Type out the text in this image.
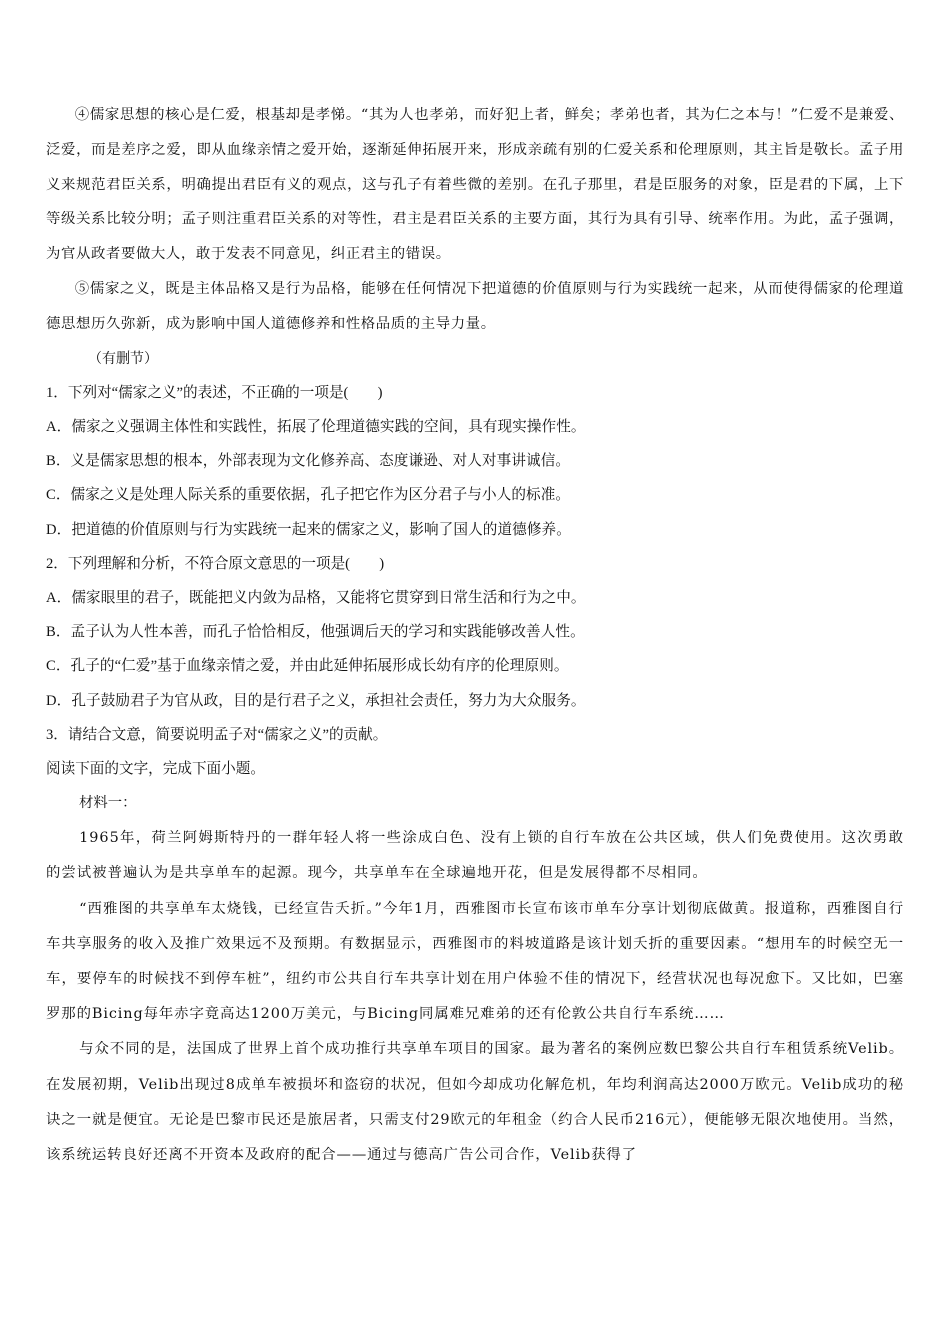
④儒家思想的核心是仁爱，根基却是孝悌。“其为人也孝弟，而好犯上者，鲜矣；孝弟也者，其为仁之本与！”仁爱不是兼爱、泛爱，而是差序之爱，即从血缘亲情之爱开始，逐渐延伸拓展开来，形成亲疏有别的仁爱关系和伦理原则，其主旨是敬长。孟子用义来规范君臣关系，明确提出君臣有义的观点，这与孔子有着些微的差别。在孔子那里，君是臣服务的对象，臣是君的下属，上下等级关系比较分明；孟子则注重君臣关系的对等性，君主是君臣关系的主要方面，其行为具有引导、统率作用。为此，孟子强调，为官从政者要做大人，敢于发表不同意见，纠正君主的错误。

⑤儒家之义，既是主体品格又是行为品格，能够在任何情况下把道德的价值原则与行为实践统一起来，从而使得儒家的伦理道德思想历久弥新，成为影响中国人道德修养和性格品质的主导力量。

（有删节）

1．下列对“儒家之义”的表述，不正确的一项是(　　)

A．儒家之义强调主体性和实践性，拓展了伦理道德实践的空间，具有现实操作性。

B．义是儒家思想的根本，外部表现为文化修养高、态度谦逊、对人对事讲诚信。

C．儒家之义是处理人际关系的重要依据，孔子把它作为区分君子与小人的标准。

D．把道德的价值原则与行为实践统一起来的儒家之义，影响了国人的道德修养。

2．下列理解和分析，不符合原文意思的一项是(　　)

A．儒家眼里的君子，既能把义内敛为品格，又能将它贯穿到日常生活和行为之中。

B．孟子认为人性本善，而孔子恰恰相反，他强调后天的学习和实践能够改善人性。

C．孔子的“仁爱”基于血缘亲情之爱，并由此延伸拓展形成长幼有序的伦理原则。

D．孔子鼓励君子为官从政，目的是行君子之义，承担社会责任，努力为大众服务。

3．请结合文意，简要说明孟子对“儒家之义”的贡献。

阅读下面的文字，完成下面小题。

材料一：

1965年，荷兰阿姆斯特丹的一群年轻人将一些涂成白色、没有上锁的自行车放在公共区域，供人们免费使用。这次勇敢的尝试被普遍认为是共享单车的起源。现今，共享单车在全球遍地开花，但是发展得都不尽相同。

“西雅图的共享单车太烧钱，已经宣告夭折。”今年1月，西雅图市长宣布该市单车分享计划彻底做黄。报道称，西雅图自行车共享服务的收入及推广效果远不及预期。有数据显示，西雅图市的料坡道路是该计划夭折的重要因素。“想用车的时候空无一车，要停车的时候找不到停车桩”，纽约市公共自行车共享计划在用户体验不佳的情况下，经营状况也每况愈下。又比如，巴塞罗那的Bicing每年赤字竟高达1200万美元，与Bicing同属难兄难弟的还有伦敦公共自行车系统……

与众不同的是，法国成了世界上首个成功推行共享单车项目的国家。最为著名的案例应数巴黎公共自行车租赁系统Velib。在发展初期，Velib出现过8成单车被损坏和盗窃的状况，但如今却成功化解危机，年均利润高达2000万欧元。Velib成功的秘诀之一就是便宜。无论是巴黎市民还是旅居者，只需支付29欧元的年租金（约合人民币216元），便能够无限次地使用。当然，该系统运转良好还离不开资本及政府的配合——通过与德高广告公司合作，Velib获得了
